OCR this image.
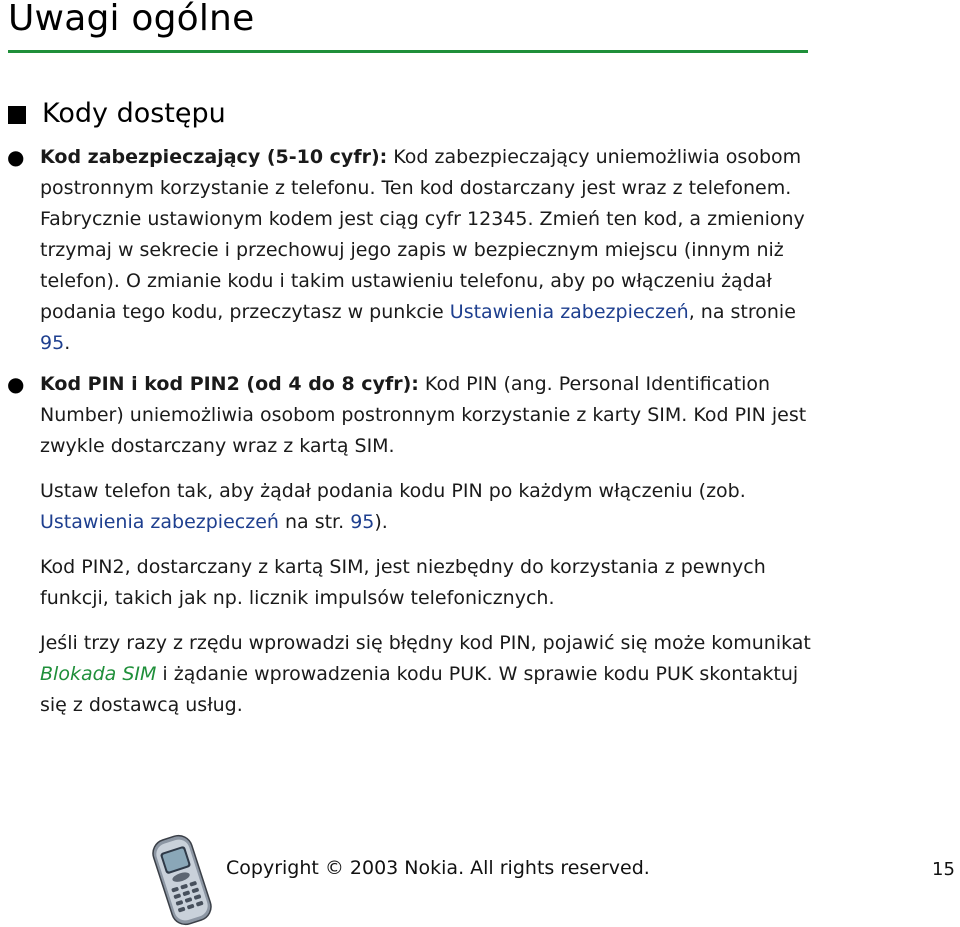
Uwagi ogólne
Kody dostępu

● Kod zabezpieczający (5-10 cyfr): Kod zabezpieczający uniemożliwia osobom postronnym korzystanie z telefonu. Ten kod dostarczany jest wraz z telefonem. Fabrycznie ustawionym kodem jest ciąg cyfr 12345. Zmień ten kod, a zmieniony trzymaj w sekrecie i przechowuj jego zapis w bezpiecznym miejscu (innym niż telefon). O zmianie kodu i takim ustawieniu telefonu, aby po włączeniu żądał podania tego kodu, przeczytasz w punkcie Ustawienia zabezpieczeń, na stronie 95.

● Kod PIN i kod PIN2 (od 4 do 8 cyfr): Kod PIN (ang. Personal Identification Number) uniemożliwia osobom postronnym korzystanie z karty SIM. Kod PIN jest zwykle dostarczany wraz z kartą SIM.

Ustaw telefon tak, aby żądał podania kodu PIN po każdym włączeniu (zob. Ustawienia zabezpieczeń na str. 95).

Kod PIN2, dostarczany z kartą SIM, jest niezbędny do korzystania z pewnych funkcji, takich jak np. licznik impulsów telefonicznych.

Jeśli trzy razy z rzędu wprowadzi się błędny kod PIN, pojawić się może komunikat Blokada SIM i żądanie wprowadzenia kodu PUK. W sprawie kodu PUK skontaktuj się z dostawcą usług.

Copyright © 2003 Nokia. All rights reserved.	15
